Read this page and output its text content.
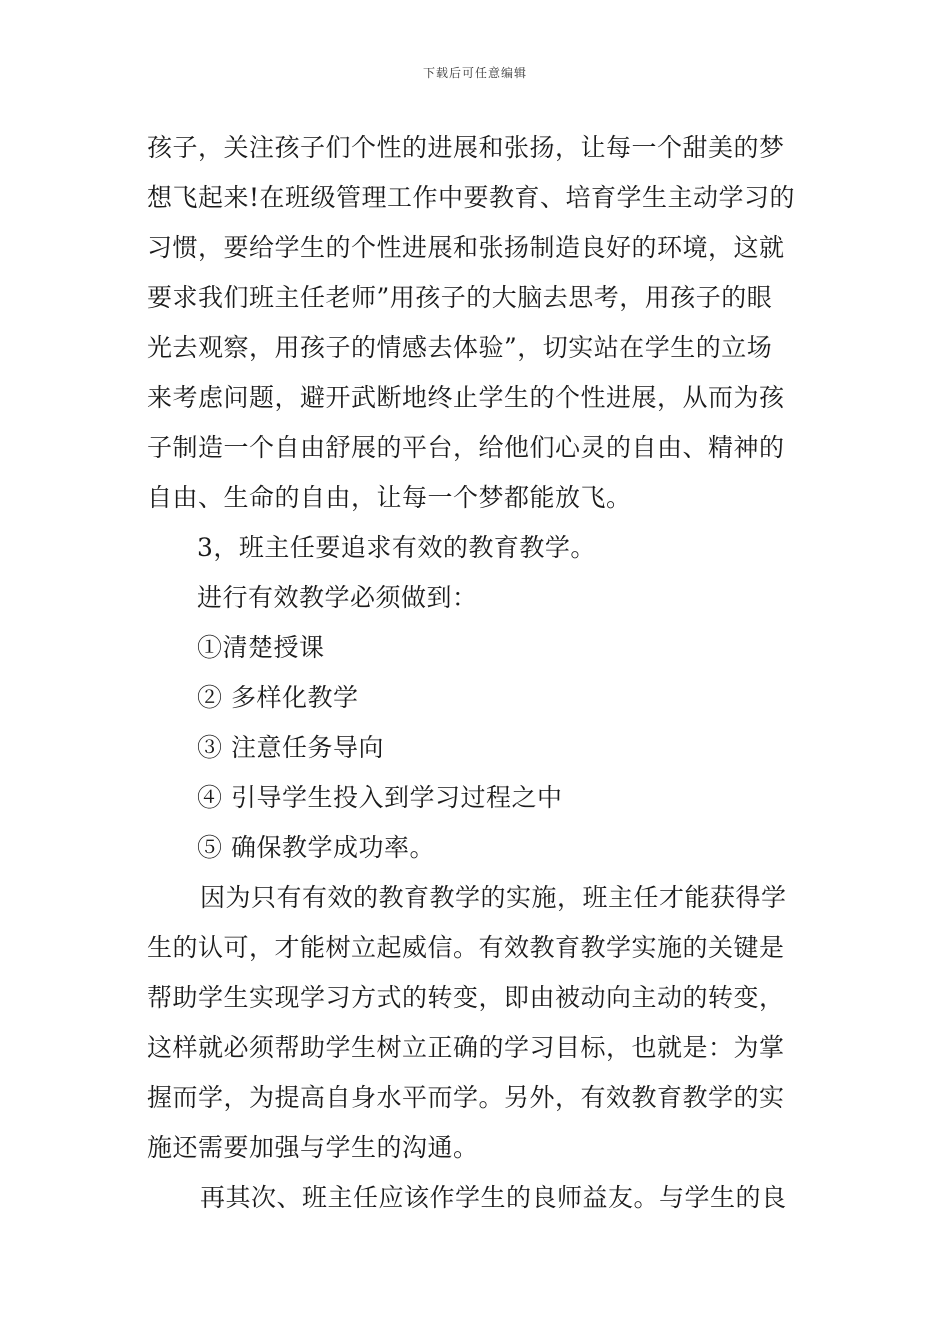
下载后可任意编辑
孩子，关注孩子们个性的进展和张扬，让每一个甜美的梦
想飞起来!在班级管理工作中要教育、培育学生主动学习的
习惯，要给学生的个性进展和张扬制造良好的环境，这就
要求我们班主任老师”用孩子的大脑去思考，用孩子的眼
光去观察，用孩子的情感去体验”，切实站在学生的立场
来考虑问题，避开武断地终止学生的个性进展，从而为孩
子制造一个自由舒展的平台，给他们心灵的自由、精神的
自由、生命的自由，让每一个梦都能放飞。
3，班主任要追求有效的教育教学。
进行有效教学必须做到：
①清楚授课
② 多样化教学
③ 注意任务导向
④ 引导学生投入到学习过程之中
⑤ 确保教学成功率。
因为只有有效的教育教学的实施，班主任才能获得学
生的认可，才能树立起威信。有效教育教学实施的关键是
帮助学生实现学习方式的转变，即由被动向主动的转变，
这样就必须帮助学生树立正确的学习目标，也就是：为掌
握而学，为提高自身水平而学。另外，有效教育教学的实
施还需要加强与学生的沟通。
再其次、班主任应该作学生的良师益友。与学生的良
